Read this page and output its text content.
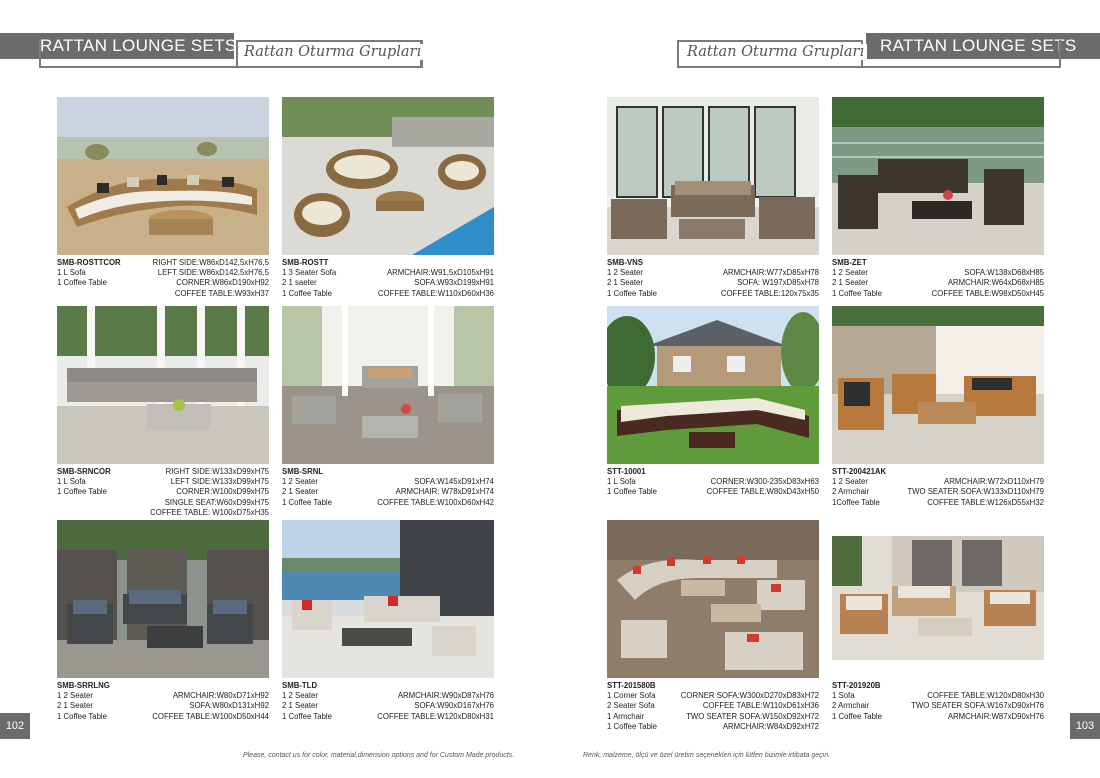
RATTAN LOUNGE SETS Rattan Oturma Grupları
SMB-ROSTTCOR
1 L Sofa
1 Coffee Table
RIGHT SIDE:W86xD142,5xH76,5
LEFT SIDE:W86xD142,5xH76,5
CORNER:W86xD190xH92
COFFEE TABLE:W93xH37
SMB-ROSTT
1 3 Seater Sofa
2 1 saeter
1 Coffee Table

ARMCHAIR:W91,5xD105xH91
SOFA:W93xD199xH91
COFFEE TABLE:W110xD60xH36
SMB-SRNCOR
1 L Sofa
1 Coffee Table
RIGHT SIDE:W133xD99xH75
LEFT SIDE:W133xD99xH75
CORNER:W100xD99xH75
SINGLE SEAT:W60xD99xH75
COFFEE TABLE: W100xD75xH35
SMB-SRNL
1 2 Seater
2 1 Seater
1 Coffee Table

SOFA:W145xD91xH74
ARMCHAIR: W78xD91xH74
COFFEE TABLE:W100xD60xH42
SMB-SRRLNG
1 2 Seater
2 1 Seater
1 Coffee Table

ARMCHAIR:W80xD71xH92
SOFA:W80xD131xH92
COFFEE TABLE:W100xD50xH44
SMB-TLD
1 2 Seater
2 1 Seater
1 Coffee Table

ARMCHAIR:W90xD87xH76
SOFA:W90xD167xH76
COFFEE TABLE:W120xD80xH31
102
Please, contact us for color, material,dimension options and for Custom Made products.
RATTAN LOUNGE SETS
Rattan Oturma Grupları
SMB-VNS
1 2 Seater
2 1 Seater
1 Coffee Table

ARMCHAIR:W77xD85xH78
SOFA: W197xD85xH78
COFFEE TABLE:120x75x35
SMB-ZET
1 2 Seater
2 1 Seater
1 Coffee Table

SOFA:W138xD68xH85
ARMCHAIR:W64xD68xH85
COFFEE TABLE:W98xD50xH45
STT-10001
1 L Sofa
1 Coffee Table

CORNER:W300-235xD83xH63
COFFEE TABLE:W80xD43xH50
STT-200421AK
1 2 Seater
2 Armchair
1Coffee Table

ARMCHAIR:W72xD110xH79
TWO SEATER SOFA:W133xD110xH79
COFFEE TABLE:W126xD55xH32
STT-201580B
1 Corner Sofa
2 Seater Sofa
1 Armchair
1 Coffee Table

CORNER SOFA:W300xD270xD83xH72
COFFEE TABLE:W110xD61xH36
TWO SEATER SOFA:W150xD92xH72
ARMCHAIR:W84xD92xH72
STT-201920B
1 Sofa
2 Armchair
1 Coffee Table

COFFEE TABLE:W120xD80xH30
TWO SEATER SOFA:W167xD90xH76
ARMCHAIR:W87xD90xH76
103
Renk, malzeme, ölçü ve özel üretim seçenekleri için lütfen bizimle irtibata geçin.
